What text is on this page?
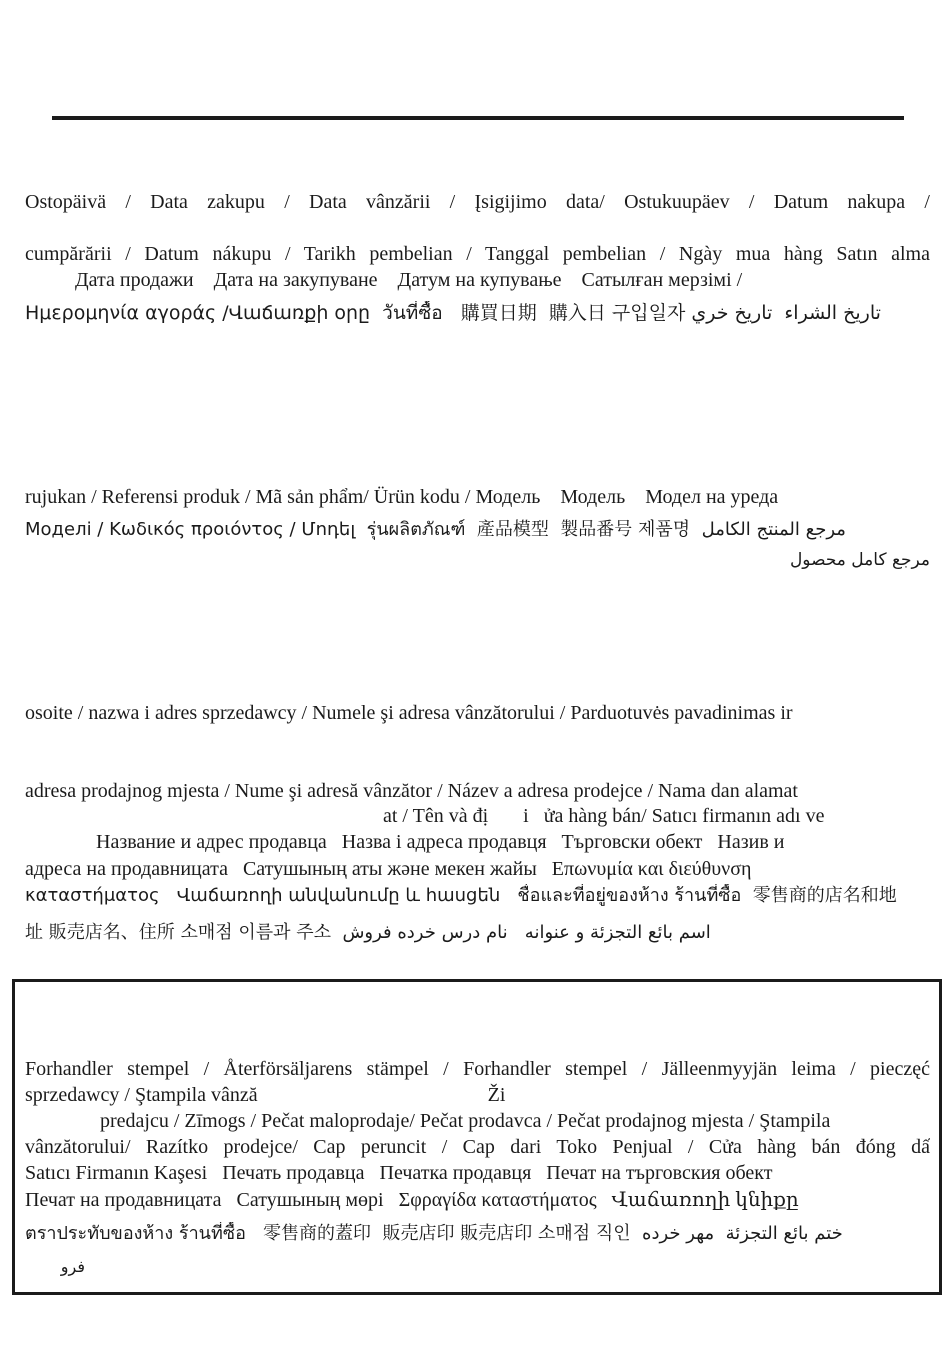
Ostopäivä / Data zakupu / Data vânzării / Įsigijimo data/ Ostukuupäev / Datum nakupa /
cumpărării / Datum nákupu / Tarikh pembelian / Tanggal pembelian / Ngày mua hàng Satın alma
Дата продажи    Дата на закупуване    Датум на купување    Сатылған мерзімі /
Ημερομηνία αγοράς /Վաճառքի օրը  วันที่ซื้อ   購買日期  購入日 구입일자 تاريخ الشراء  تاريخ خري
rujukan / Referensi produk / Mã sản phẩm/ Ürün kodu / Модель    Модель    Модел на уреда
Моделі / Κωδικός προιόντος / Մոդել  รุ่นผลิตภัณฑ์  產品模型  製品番号 제품명  مرجع المنتج الكامل
مرجع کامل محصول
osoite / nazwa i adres sprzedawcy / Numele şi adresa vânzătorului / Parduotuvės pavadinimas ir
adresa prodajnog mjesta / Nume şi adresă vânzător / Název a adresa prodejce / Nama dan alamat
at / Tên và đị       i   ửa hàng bán/ Satıcı firmanın adı ve
Название и адрес продавца   Назва і адреса продавця   Търговски обект   Назив и
адреса на продавницата   Сатушының аты және мекен жайы   Επωνυμία και διεύθυνση
καταστήματος   Վաճառողի անվանումը և հասցեն   ชื่อและที่อยู่ของห้าง ร้านที่ซื้อ  零售商的店名和地
址 販売店名、住所 소매점 이름과 주소  اسم بائع التجزئة و عنوانه   نام درس خرده فروش
Forhandler stempel / Återförsäljarens stämpel / Forhandler stempel / Jälleenmyyjän leima / pieczęć
sprzedawcy / Ştampila vânză                                              Ži
predajcu / Zīmogs / Pečat maloprodaje/ Pečat prodavca / Pečat prodajnog mjesta / Ştampila
vânzătorului/ Razítko prodejce/ Cap peruncit / Cap dari Toko Penjual / Cửa hàng bán đóng dấ
Satıcı Firmanın Kaşesi   Печать продавца   Печатка продавця   Печат на търговския обект
Печат на продавницата   Сатушының мөрі   Σφραγίδα καταστήματος   Վաճառողի կնիքը
ตราประทับของห้าง ร้านที่ซื้อ   零售商的蓋印  販売店印 販売店印 소매점 직인  ختم بائع التجزئة  مهر خرده
فرو
